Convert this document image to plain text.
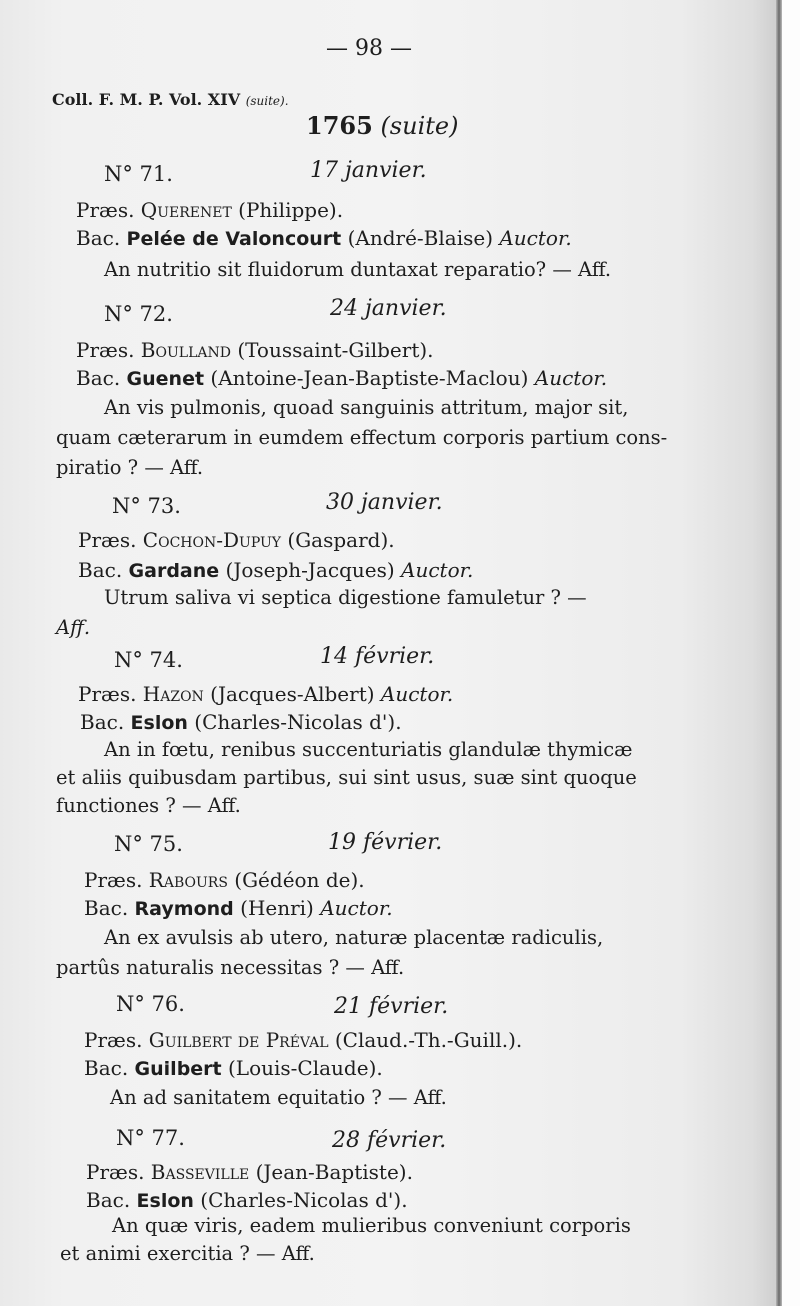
— 98 —
Coll. F. M. P. Vol. XIV (suite).
1765 (suite)
N° 71.	17 janvier.
Præs. Querenet (Philippe).
Bac. Pelée de Valoncourt (André-Blaise) Auctor.
An nutritio sit fluidorum duntaxat reparatio? — Aff.
N° 72.	24 janvier.
Præs. Boulland (Toussaint-Gilbert).
Bac. Guenet (Antoine-Jean-Baptiste-Maclou) Auctor.
An vis pulmonis, quoad sanguinis attritum, major sit,
quam cæterarum in eumdem effectum corporis partium cons-
piratio ? — Aff.
N° 73.	30 janvier.
Præs. Cochon-Dupuy (Gaspard).
Bac. Gardane (Joseph-Jacques) Auctor.
Utrum saliva vi septica digestione famuletur ? —
Aff.
N° 74.	14 février.
Præs. Hazon (Jacques-Albert) Auctor.
Bac. Eslon (Charles-Nicolas d').
An in fœtu, renibus succenturiatis glandulæ thymicæ
et aliis quibusdam partibus, sui sint usus, suæ sint quoque
functiones ? — Aff.
N° 75.	19 février.
Præs. Rabours (Gédéon de).
Bac. Raymond (Henri) Auctor.
An ex avulsis ab utero, naturæ placentæ radiculis,
partûs naturalis necessitas ? — Aff.
N° 76.	21 février.
Præs. Guilbert de Préval (Claud.-Th.-Guill.).
Bac. Guilbert (Louis-Claude).
An ad sanitatem equitatio ? — Aff.
N° 77.	28 février.
Præs. Basseville (Jean-Baptiste).
Bac. Eslon (Charles-Nicolas d').
An quæ viris, eadem mulieribus conveniunt corporis
et animi exercitia ? — Aff.
